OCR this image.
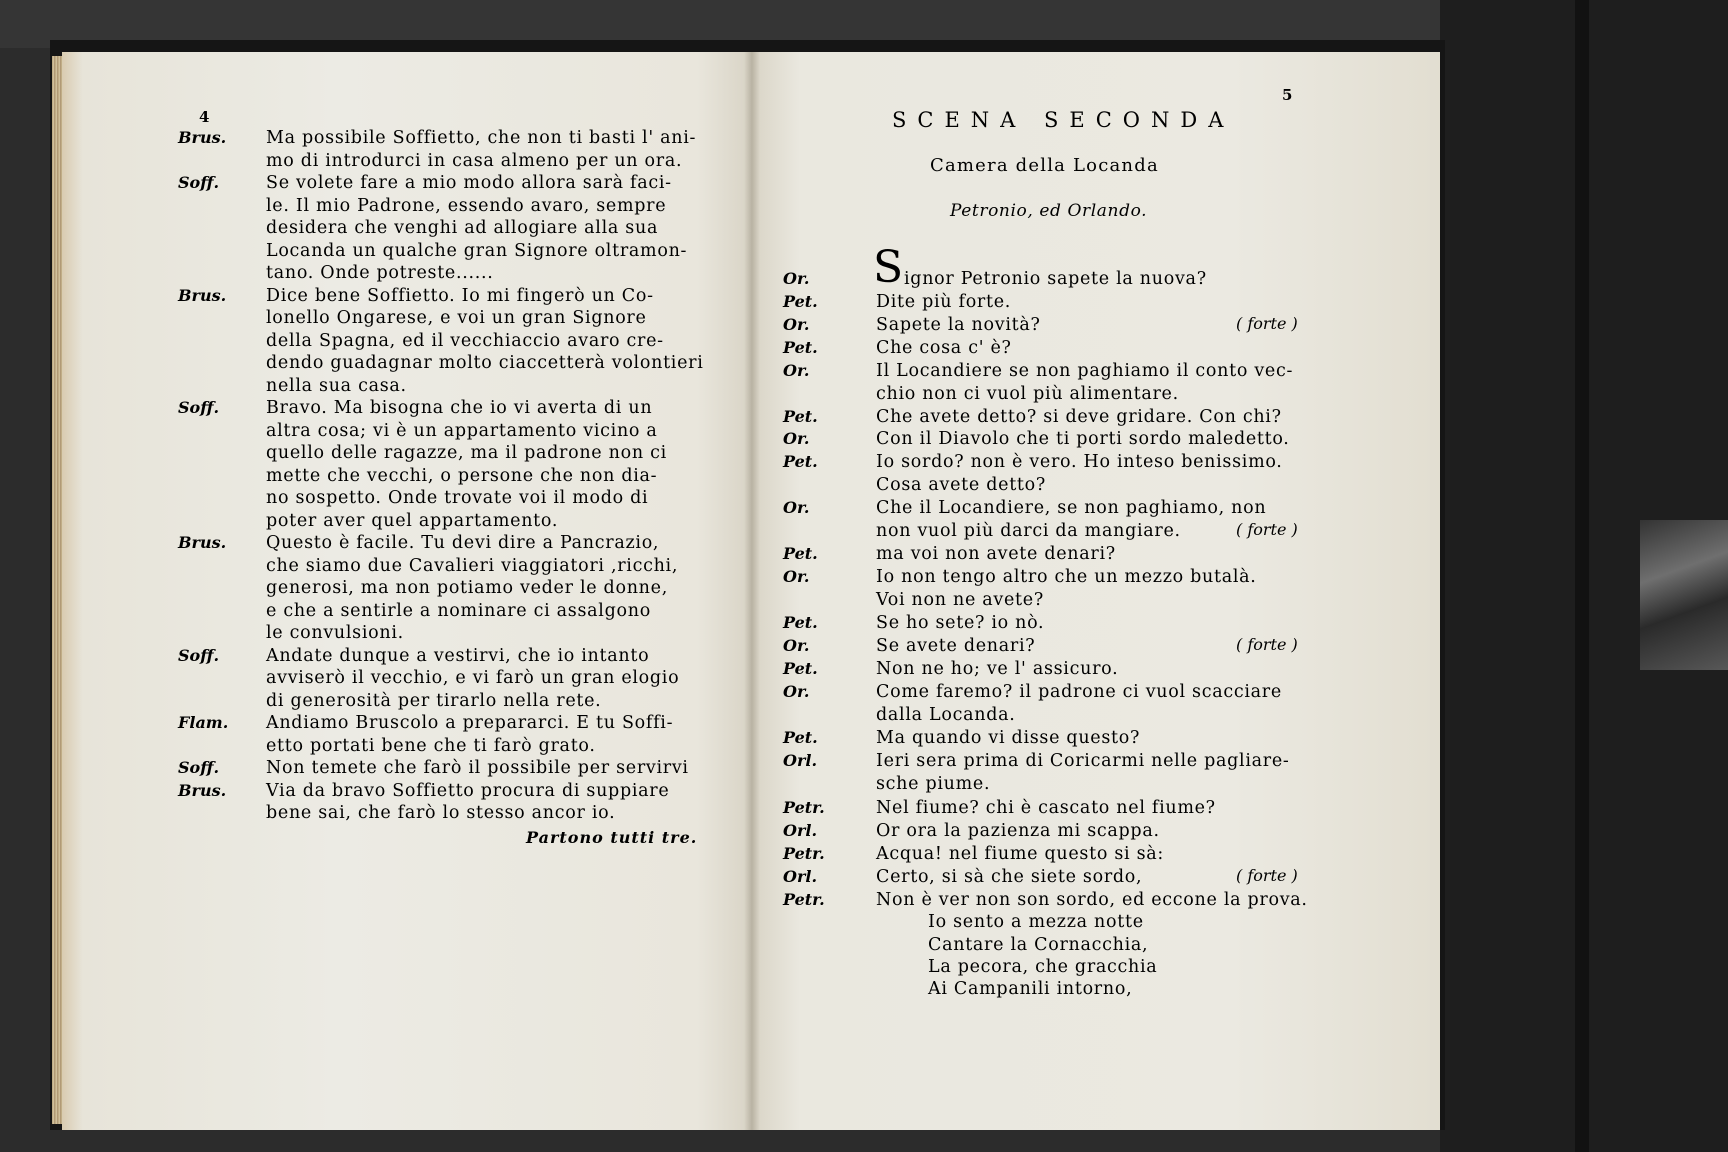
4
5
Brus. Ma possibile Soffietto, che non ti basti l' ani-
mo di introdurci in casa almeno per un ora.
Soff.	Se volete fare a mio modo allora sarà faci-
le. Il mio Padrone, essendo avaro, sempre
desidera che venghi ad allogiare alla sua
Locanda un qualche gran Signore oltramon-
tano. Onde potreste......
Brus. Dice bene Soffietto. Io mi fingerò un Co-
lonello Ongarese, e voi un gran Signore
della Spagna, ed il vecchiaccio avaro cre-
dendo guadagnar molto ciaccetterà volontieri
nella sua casa.
Soff.	Bravo. Ma bisogna che io vi averta di un
altra cosa; vi è un appartamento vicino a
quello delle ragazze, ma il padrone non ci
mette che vecchi, o persone che non dia-
no sospetto. Onde trovate voi il modo di
poter aver quel appartamento.
Brus. Questo è facile. Tu devi dire a Pancrazio,
che siamo due Cavalieri viaggiatori ,ricchi,
generosi, ma non potiamo veder le donne,
e che a sentirle a nominare ci assalgono
le convulsioni.
Soff.	Andate dunque a vestirvi, che io intanto
avviserò il vecchio, e vi farò un gran elogio
di generosità per tirarlo nella rete.
Flam. Andiamo Bruscolo a prepararci. E tu Soffi-
etto portati bene che ti farò grato.
Soff.	Non temete che farò il possibile per servirvi
Brus. Via da bravo Soffietto procura di suppiare
bene sai, che farò lo stesso ancor io.
Partono tutti tre.
SCENA SECONDA
Camera della Locanda
Petronio, ed Orlando.
S
Or.	ignor Petronio sapete la nuova?
Pet.	Dite più forte.
Or.	Sapete la novità?	( forte )
Pet.	Che cosa c' è?
Or.	Il Locandiere se non paghiamo il conto vec-
chio non ci vuol più alimentare.
Pet.	Che avete detto? si deve gridare. Con chi?
Or.	Con il Diavolo che ti porti sordo maledetto.
Pet.	Io sordo? non è vero. Ho inteso benissimo.
Cosa avete detto?
Or.	Che il Locandiere, se non paghiamo, non
non vuol più darci da mangiare.	( forte )
Pet.	ma voi non avete denari?
Or.	Io non tengo altro che un mezzo butalà.
Voi non ne avete?
Pet.	Se ho sete? io nò.
Or.	Se avete denari?	( forte )
Pet.	Non ne ho; ve l' assicuro.
Or.	Come faremo? il padrone ci vuol scacciare
dalla Locanda.
Pet.	Ma quando vi disse questo?
Orl.	Ieri sera prima di Coricarmi nelle pagliare-
sche piume.
Petr.	Nel fiume? chi è cascato nel fiume?
Orl.	Or ora la pazienza mi scappa.
Petr.	Acqua! nel fiume questo si sà:
Orl.	Certo, si sà che siete sordo,	( forte )
Petr.	Non è ver non son sordo, ed eccone la prova.
Io sento a mezza notte
Cantare la Cornacchia,
La pecora, che gracchia
Ai Campanili intorno,
